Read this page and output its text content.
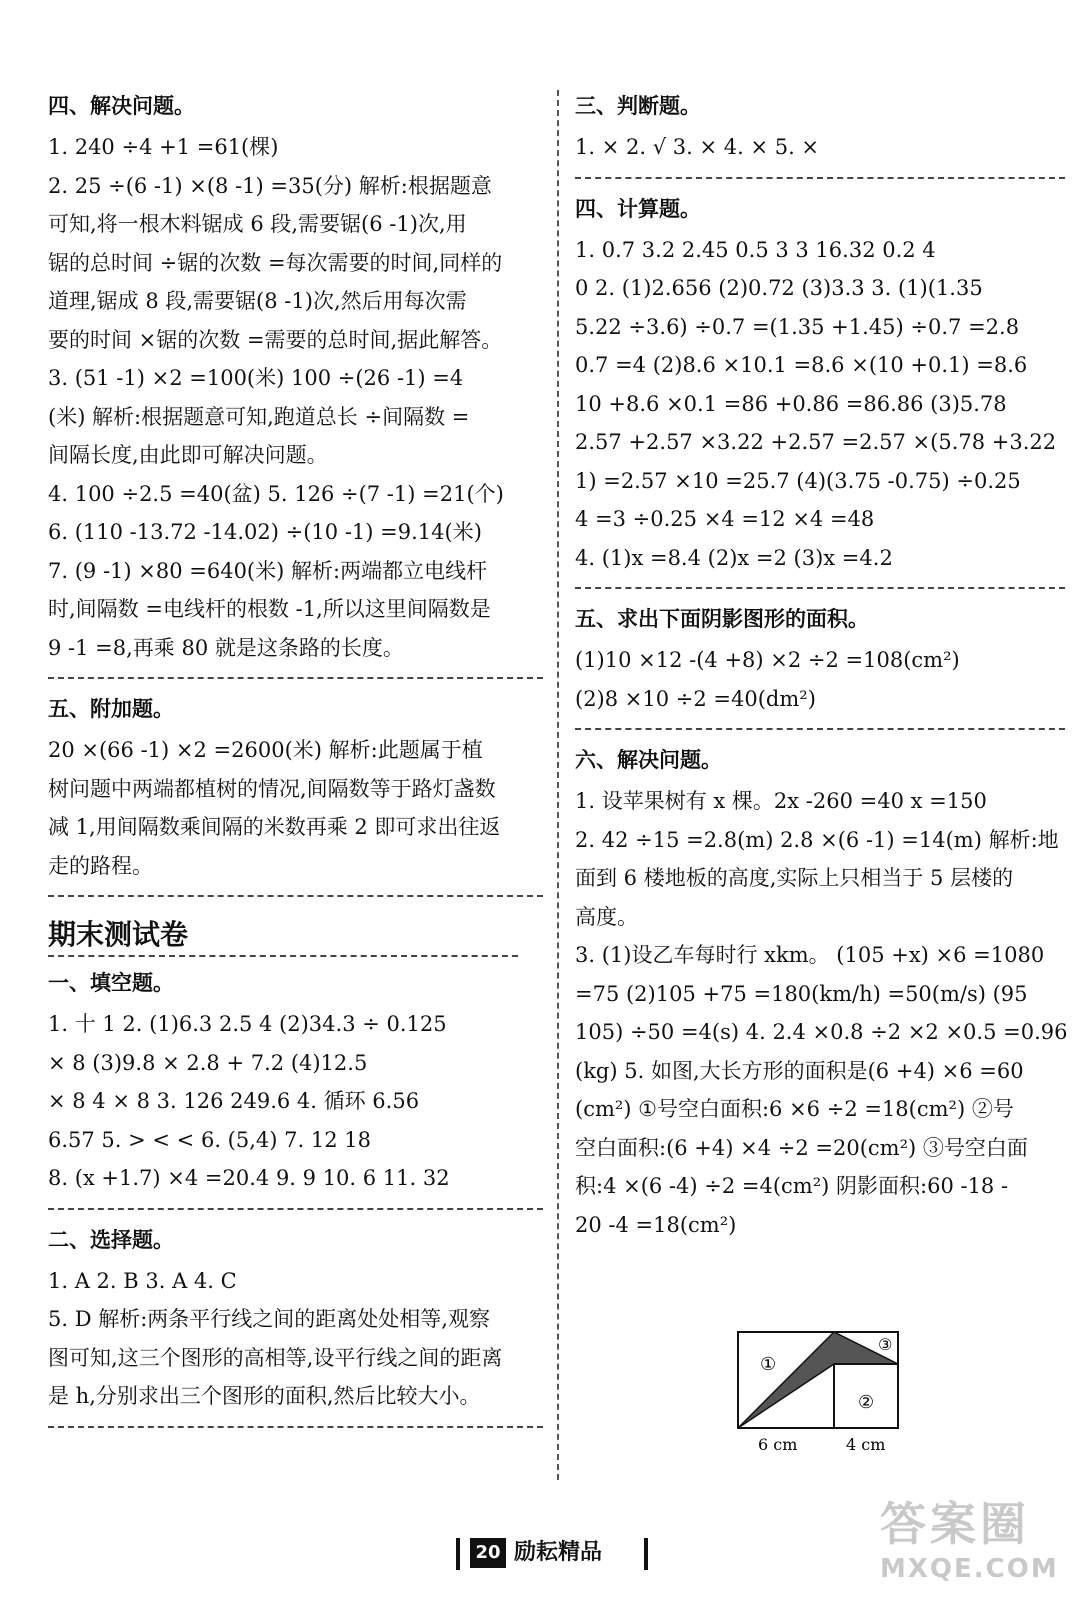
四、解决问题。
1. 240 ÷4 +1 =61(棵)
2. 25 ÷(6 -1) ×(8 -1) =35(分) 解析:根据题意
可知,将一根木料锯成 6 段,需要锯(6 -1)次,用
锯的总时间 ÷锯的次数 =每次需要的时间,同样的
道理,锯成 8 段,需要锯(8 -1)次,然后用每次需
要的时间 ×锯的次数 =需要的总时间,据此解答。
3. (51 -1) ×2 =100(米) 100 ÷(26 -1) =4
(米) 解析:根据题意可知,跑道总长 ÷间隔数 =
间隔长度,由此即可解决问题。
4. 100 ÷2.5 =40(盆) 5. 126 ÷(7 -1) =21(个)
6. (110 -13.72 -14.02) ÷(10 -1) =9.14(米)
7. (9 -1) ×80 =640(米) 解析:两端都立电线杆
时,间隔数 =电线杆的根数 -1,所以这里间隔数是
9 -1 =8,再乘 80 就是这条路的长度。
五、附加题。
20 ×(66 -1) ×2 =2600(米) 解析:此题属于植
树问题中两端都植树的情况,间隔数等于路灯盏数
减 1,用间隔数乘间隔的米数再乘 2 即可求出往返
走的路程。
期末测试卷
一、填空题。
1. 十 1 2. (1)6.3 2.5 4 (2)34.3 ÷ 0.125
× 8 (3)9.8 × 2.8 + 7.2 (4)12.5
× 8 4 × 8 3. 126 249.6 4. 循环 6.56
6.57 5. > < < 6. (5,4) 7. 12 18
8. (x +1.7) ×4 =20.4 9. 9 10. 6 11. 32
二、选择题。
1. A 2. B 3. A 4. C
5. D 解析:两条平行线之间的距离处处相等,观察
图可知,这三个图形的高相等,设平行线之间的距离
是 h,分别求出三个图形的面积,然后比较大小。
三、判断题。
1. × 2. √ 3. × 4. × 5. ×
四、计算题。
1. 0.7 3.2 2.45 0.5 3 3 16.32 0.2 4
0 2. (1)2.656 (2)0.72 (3)3.3 3. (1)(1.35
5.22 ÷3.6) ÷0.7 =(1.35 +1.45) ÷0.7 =2.8
0.7 =4 (2)8.6 ×10.1 =8.6 ×(10 +0.1) =8.6
10 +8.6 ×0.1 =86 +0.86 =86.86 (3)5.78
2.57 +2.57 ×3.22 +2.57 =2.57 ×(5.78 +3.22
1) =2.57 ×10 =25.7 (4)(3.75 -0.75) ÷0.25
4 =3 ÷0.25 ×4 =12 ×4 =48
4. (1)x =8.4 (2)x =2 (3)x =4.2
五、求出下面阴影图形的面积。
(1)10 ×12 -(4 +8) ×2 ÷2 =108(cm²)
(2)8 ×10 ÷2 =40(dm²)
六、解决问题。
1. 设苹果树有 x 棵。2x -260 =40 x =150
2. 42 ÷15 =2.8(m) 2.8 ×(6 -1) =14(m) 解析:地
面到 6 楼地板的高度,实际上只相当于 5 层楼的
高度。
3. (1)设乙车每时行 xkm。 (105 +x) ×6 =1080
=75 (2)105 +75 =180(km/h) =50(m/s) (95
105) ÷50 =4(s) 4. 2.4 ×0.8 ÷2 ×2 ×0.5 =0.96
(kg) 5. 如图,大长方形的面积是(6 +4) ×6 =60
(cm²) ①号空白面积:6 ×6 ÷2 =18(cm²) ②号
空白面积:(6 +4) ×4 ÷2 =20(cm²) ③号空白面
积:4 ×(6 -4) ÷2 =4(cm²) 阴影面积:60 -18 -
20 -4 =18(cm²)
①
②
③
6 cm	4 cm
20 励耘精品
答案圈
MXQE.COM
